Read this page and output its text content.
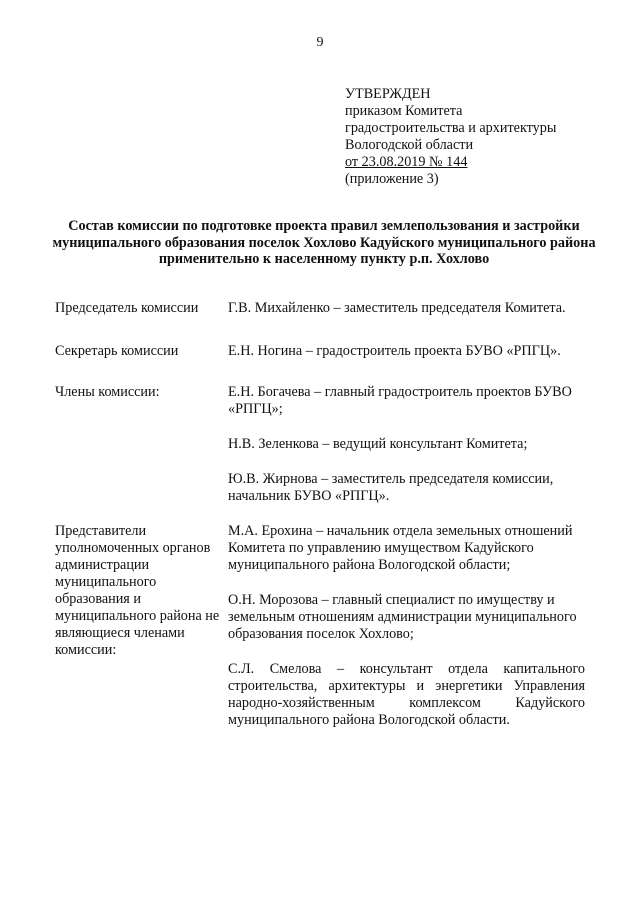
9
УТВЕРЖДЕН
приказом Комитета
градостроительства и архитектуры
Вологодской области
от 23.08.2019 № 144
(приложение 3)
Состав комиссии по подготовке проекта правил землепользования и застройки муниципального образования поселок Хохлово Кадуйского муниципального района применительно к населенному пункту р.п. Хохлово
Председатель комиссии	Г.В. Михайленко – заместитель председателя Комитета.
Секретарь комиссии	Е.Н. Ногина – градостроитель проекта БУВО «РПГЦ».
Члены комиссии:	Е.Н. Богачева – главный градостроитель проектов БУВО «РПГЦ»;
Н.В. Зеленкова – ведущий консультант Комитета;
Ю.В. Жирнова – заместитель председателя комиссии, начальник БУВО «РПГЦ».
Представители уполномоченных органов администрации муниципального образования и муниципального района не являющиеся членами комиссии:
М.А. Ерохина – начальник отдела земельных отношений Комитета по управлению имуществом Кадуйского муниципального района Вологодской области;
О.Н. Морозова – главный специалист по имуществу и земельным отношениям администрации муниципального образования поселок Хохлово;
С.Л. Смелова – консультант отдела капитального строительства, архитектуры и энергетики Управления народно-хозяйственным комплексом Кадуйского муниципального района Вологодской области.
